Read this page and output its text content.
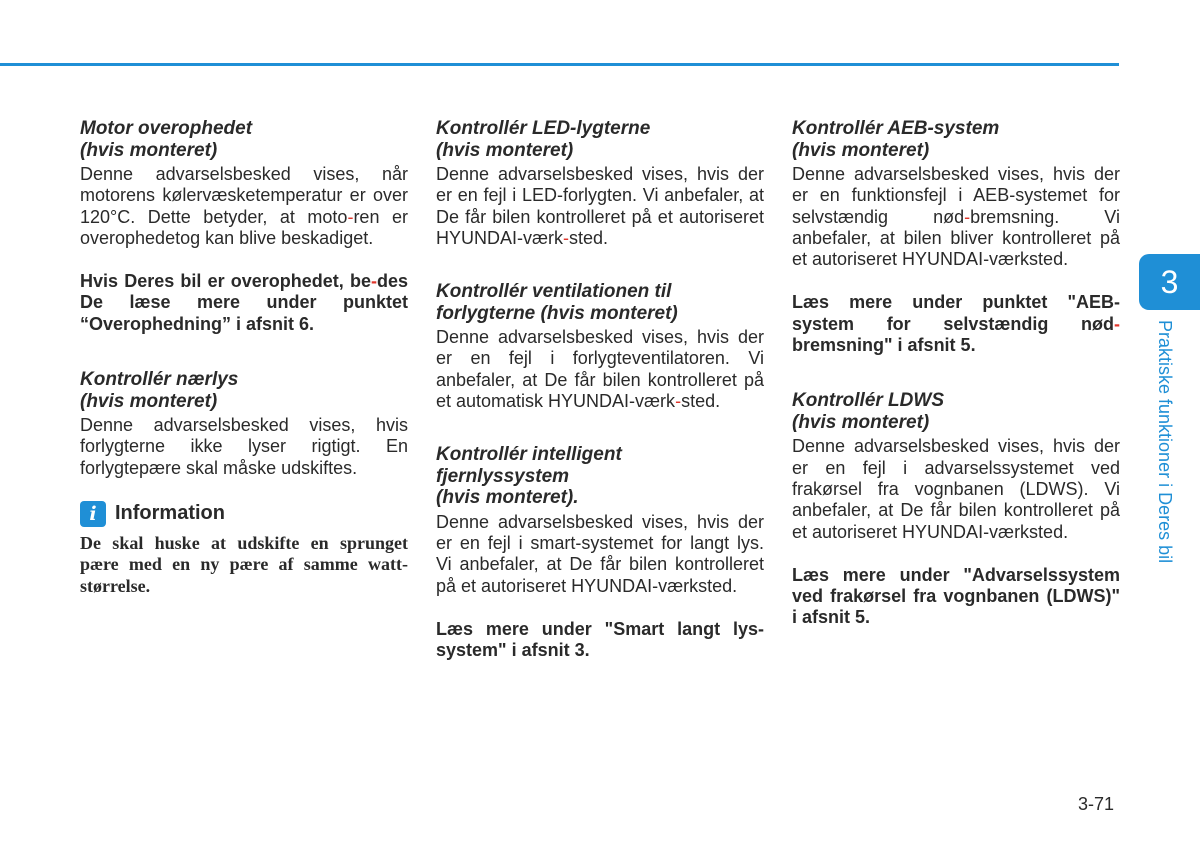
Motor overophedet
(hvis monteret)

Denne advarselsbesked vises, når motorens kølervæsketemperatur er over 120°C. Dette betyder, at moto-ren er overophedetog kan blive beskadiget.

Hvis Deres bil er overophedet, be-des De læse mere under punktet “Overophedning” i afsnit 6.

Kontrollér nærlys
(hvis monteret)

Denne advarselsbesked vises, hvis forlygterne ikke lyser rigtigt. En forlygtepære skal måske udskiftes.

i Information

De skal huske at udskifte en sprunget pære med en ny pære af samme watt-størrelse.

Kontrollér LED-lygterne
(hvis monteret)

Denne advarselsbesked vises, hvis der er en fejl i LED-forlygten. Vi anbefaler, at De får bilen kontrolleret på et autoriseret HYUNDAI-værk-sted.

Kontrollér ventilationen til
forlygterne (hvis monteret)

Denne advarselsbesked vises, hvis der er en fejl i forlygteventilatoren. Vi anbefaler, at De får bilen kontrolleret på et automatisk HYUNDAI-værk-sted.

Kontrollér intelligent
fjernlyssystem
(hvis monteret).

Denne advarselsbesked vises, hvis der er en fejl i smart-systemet for langt lys. Vi anbefaler, at De får bilen kontrolleret på et autoriseret HYUNDAI-værksted.

Læs mere under "Smart langt lys-system" i afsnit 3.

Kontrollér AEB-system
(hvis monteret)

Denne advarselsbesked vises, hvis der er en funktionsfejl i AEB-systemet for selvstændig nød-bremsning. Vi anbefaler, at bilen bliver kontrolleret på et autoriseret HYUNDAI-værksted.

Læs mere under punktet "AEB-system for selvstændig nød-bremsning" i afsnit 5.

Kontrollér LDWS
(hvis monteret)

Denne advarselsbesked vises, hvis der er en fejl i advarselssystemet ved frakørsel fra vognbanen (LDWS). Vi anbefaler, at De får bilen kontrolleret på et autoriseret HYUNDAI-værksted.

Læs mere under "Advarselssystem ved frakørsel fra vognbanen (LDWS)" i afsnit 5.

3
Praktiske funktioner i Deres bil
3-71
